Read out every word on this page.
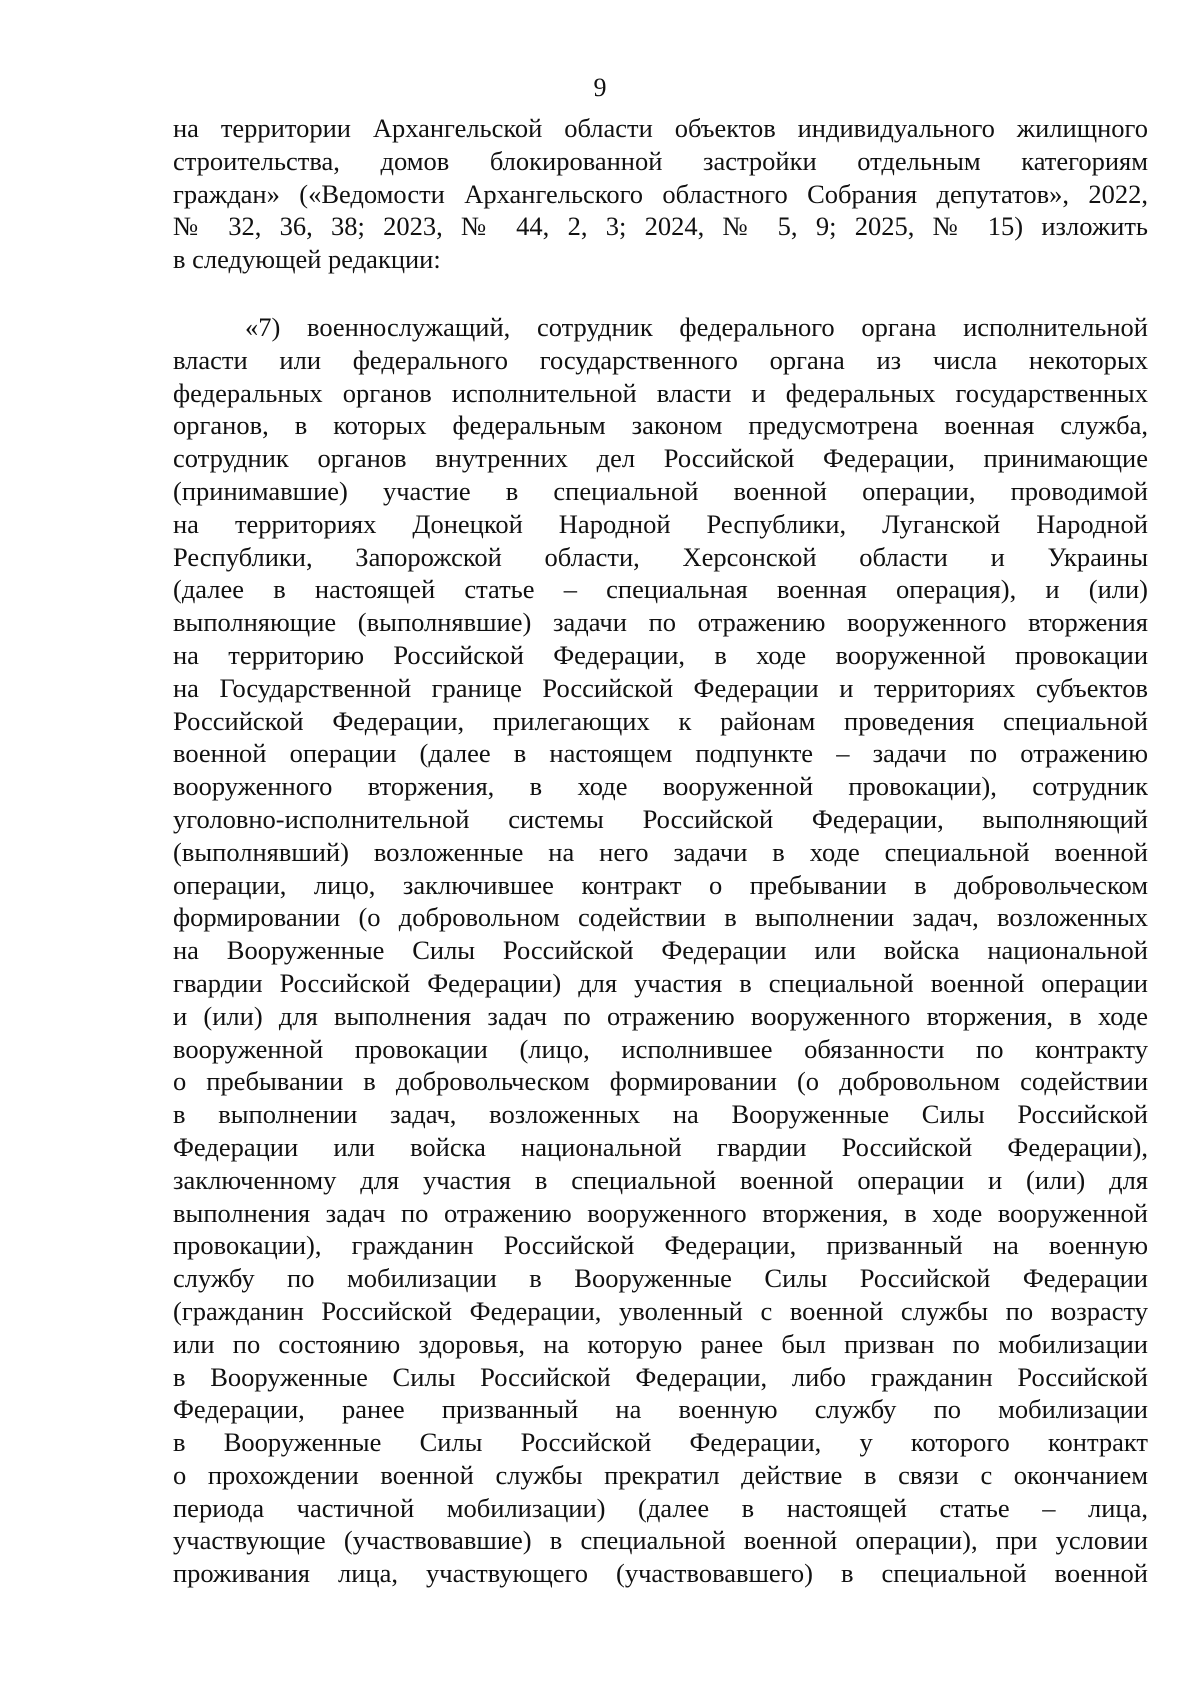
9
на территории Архангельской области объектов индивидуального жилищного
строительства, домов блокированной застройки отдельным категориям
граждан» («Ведомости Архангельского областного Собрания депутатов», 2022,
№ 32, 36, 38; 2023, № 44, 2, 3; 2024, № 5, 9; 2025, № 15) изложить
в следующей редакции:
«7) военнослужащий, сотрудник федерального органа исполнительной
власти или федерального государственного органа из числа некоторых
федеральных органов исполнительной власти и федеральных государственных
органов, в которых федеральным законом предусмотрена военная служба,
сотрудник органов внутренних дел Российской Федерации, принимающие
(принимавшие) участие в специальной военной операции, проводимой
на территориях Донецкой Народной Республики, Луганской Народной
Республики, Запорожской области, Херсонской области и Украины
(далее в настоящей статье – специальная военная операция), и (или)
выполняющие (выполнявшие) задачи по отражению вооруженного вторжения
на территорию Российской Федерации, в ходе вооруженной провокации
на Государственной границе Российской Федерации и территориях субъектов
Российской Федерации, прилегающих к районам проведения специальной
военной операции (далее в настоящем подпункте – задачи по отражению
вооруженного вторжения, в ходе вооруженной провокации), сотрудник
уголовно-исполнительной системы Российской Федерации, выполняющий
(выполнявший) возложенные на него задачи в ходе специальной военной
операции, лицо, заключившее контракт о пребывании в добровольческом
формировании (о добровольном содействии в выполнении задач, возложенных
на Вооруженные Силы Российской Федерации или войска национальной
гвардии Российской Федерации) для участия в специальной военной операции
и (или) для выполнения задач по отражению вооруженного вторжения, в ходе
вооруженной провокации (лицо, исполнившее обязанности по контракту
о пребывании в добровольческом формировании (о добровольном содействии
в выполнении задач, возложенных на Вооруженные Силы Российской
Федерации или войска национальной гвардии Российской Федерации),
заключенному для участия в специальной военной операции и (или) для
выполнения задач по отражению вооруженного вторжения, в ходе вооруженной
провокации), гражданин Российской Федерации, призванный на военную
службу по мобилизации в Вооруженные Силы Российской Федерации
(гражданин Российской Федерации, уволенный с военной службы по возрасту
или по состоянию здоровья, на которую ранее был призван по мобилизации
в Вооруженные Силы Российской Федерации, либо гражданин Российской
Федерации, ранее призванный на военную службу по мобилизации
в Вооруженные Силы Российской Федерации, у которого контракт
о прохождении военной службы прекратил действие в связи с окончанием
периода частичной мобилизации) (далее в настоящей статье – лица,
участвующие (участвовавшие) в специальной военной операции), при условии
проживания лица, участвующего (участвовавшего) в специальной военной
